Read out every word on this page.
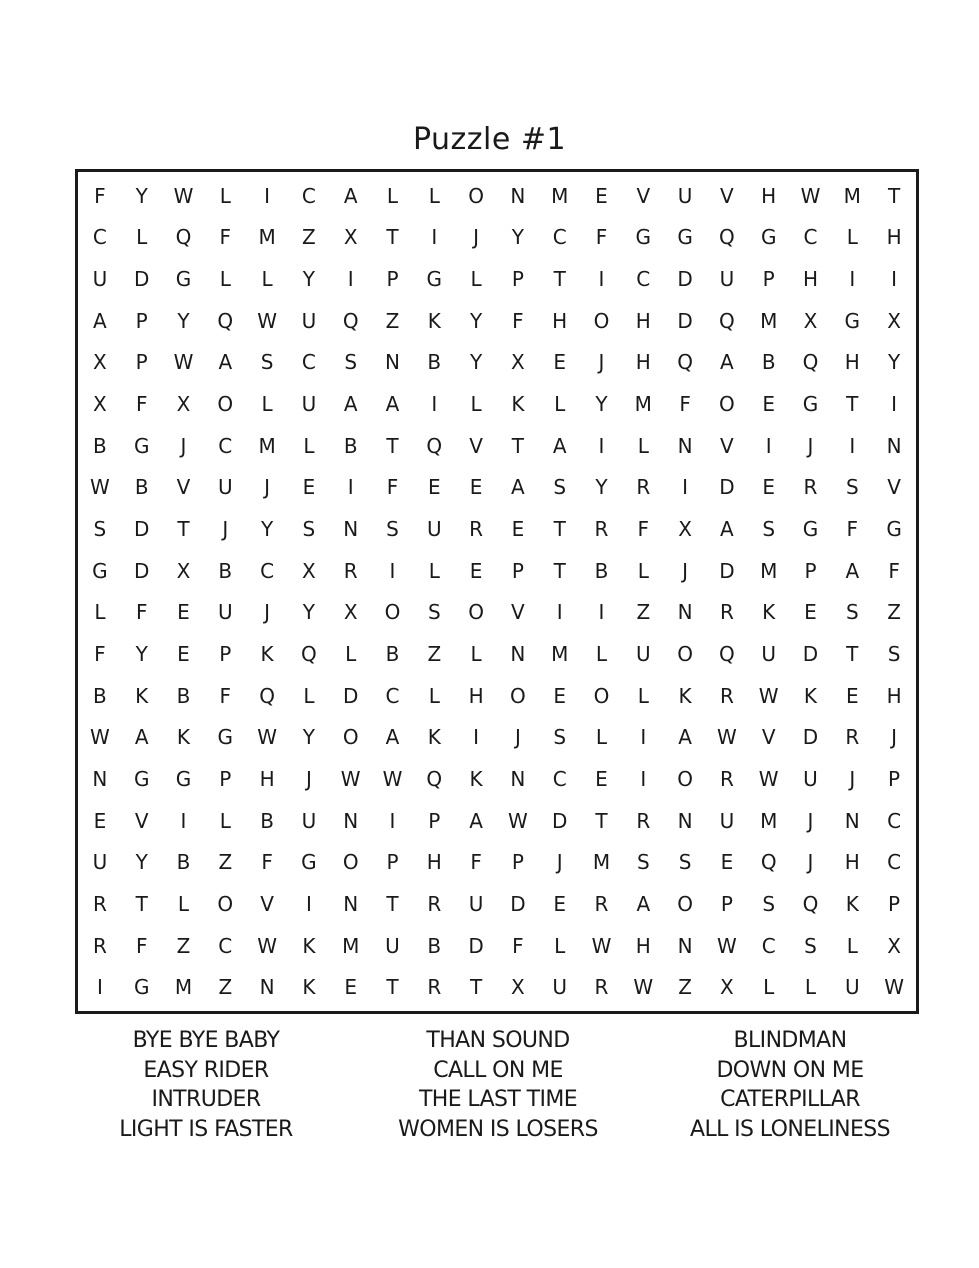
Puzzle #1
F	Y	W	L	I	C	A	L	L	O	N	M	E	V	U	V	H	W	M	T
C	L	Q	F	M	Z	X	T	I	J	Y	C	F	G	G	Q	G	C	L	H
U	D	G	L	L	Y	I	P	G	L	P	T	I	C	D	U	P	H	I	I
A	P	Y	Q	W	U	Q	Z	K	Y	F	H	O	H	D	Q	M	X	G	X
X	P	W	A	S	C	S	N	B	Y	X	E	J	H	Q	A	B	Q	H	Y
X	F	X	O	L	U	A	A	I	L	K	L	Y	M	F	O	E	G	T	I
B	G	J	C	M	L	B	T	Q	V	T	A	I	L	N	V	I	J	I	N
W	B	V	U	J	E	I	F	E	E	A	S	Y	R	I	D	E	R	S	V
S	D	T	J	Y	S	N	S	U	R	E	T	R	F	X	A	S	G	F	G
G	D	X	B	C	X	R	I	L	E	P	T	B	L	J	D	M	P	A	F
L	F	E	U	J	Y	X	O	S	O	V	I	I	Z	N	R	K	E	S	Z
F	Y	E	P	K	Q	L	B	Z	L	N	M	L	U	O	Q	U	D	T	S
B	K	B	F	Q	L	D	C	L	H	O	E	O	L	K	R	W	K	E	H
W	A	K	G	W	Y	O	A	K	I	J	S	L	I	A	W	V	D	R	J
N	G	G	P	H	J	W	W	Q	K	N	C	E	I	O	R	W	U	J	P
E	V	I	L	B	U	N	I	P	A	W	D	T	R	N	U	M	J	N	C
U	Y	B	Z	F	G	O	P	H	F	P	J	M	S	S	E	Q	J	H	C
R	T	L	O	V	I	N	T	R	U	D	E	R	A	O	P	S	Q	K	P
R	F	Z	C	W	K	M	U	B	D	F	L	W	H	N	W	C	S	L	X
I	G	M	Z	N	K	E	T	R	T	X	U	R	W	Z	X	L	L	U	W
BYE BYE BABY
EASY RIDER
INTRUDER
LIGHT IS FASTER
THAN SOUND
CALL ON ME
THE LAST TIME
WOMEN IS LOSERS
BLINDMAN
DOWN ON ME
CATERPILLAR
ALL IS LONELINESS
